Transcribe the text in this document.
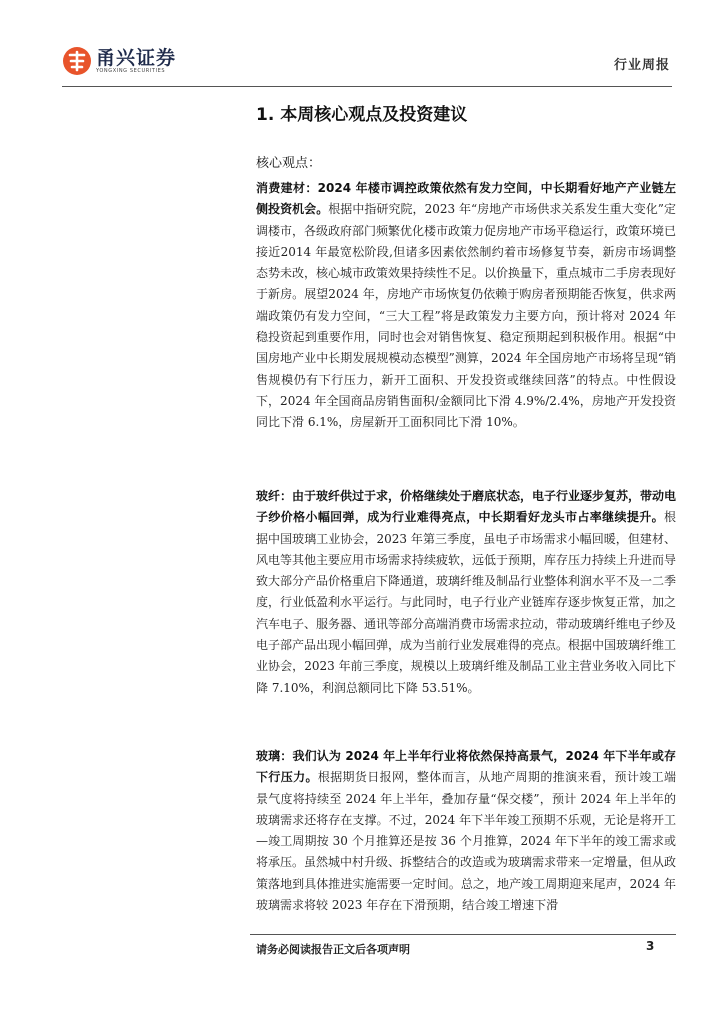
甬兴证券
YONGXING SECURITIES	行业周报
1. 本周核心观点及投资建议
核心观点：

消费建材：2024 年楼市调控政策依然有发力空间，中长期看好地产产业链左侧投资机会。根据中指研究院，2023 年“房地产市场供求关系发生重大变化”定调楼市，各级政府部门频繁优化楼市政策力促房地产市场平稳运行，政策环境已接近2014 年最宽松阶段,但诸多因素依然制约着市场修复节奏，新房市场调整态势未改，核心城市政策效果持续性不足。以价换量下，重点城市二手房表现好于新房。展望2024 年，房地产市场恢复仍依赖于购房者预期能否恢复，供求两端政策仍有发力空间，“三大工程”将是政策发力主要方向，预计将对 2024 年稳投资起到重要作用，同时也会对销售恢复、稳定预期起到积极作用。根据“中国房地产业中长期发展规模动态模型”测算，2024 年全国房地产市场将呈现“销售规模仍有下行压力，新开工面积、开发投资或继续回落”的特点。中性假设下，2024 年全国商品房销售面积/金额同比下滑 4.9%/2.4%，房地产开发投资同比下滑 6.1%，房屋新开工面积同比下滑 10%。

玻纤：由于玻纤供过于求，价格继续处于磨底状态，电子行业逐步复苏，带动电子纱价格小幅回弹，成为行业难得亮点，中长期看好龙头市占率继续提升。根据中国玻璃工业协会，2023 年第三季度，虽电子市场需求小幅回暖，但建材、风电等其他主要应用市场需求持续疲软，远低于预期，库存压力持续上升进而导致大部分产品价格重启下降通道，玻璃纤维及制品行业整体利润水平不及一二季度，行业低盈利水平运行。与此同时，电子行业产业链库存逐步恢复正常，加之汽车电子、服务器、通讯等部分高端消费市场需求拉动，带动玻璃纤维电子纱及电子部产品出现小幅回弹，成为当前行业发展难得的亮点。根据中国玻璃纤维工业协会，2023 年前三季度，规模以上玻璃纤维及制品工业主营业务收入同比下降 7.10%，利润总额同比下降 53.51%。

玻璃：我们认为 2024 年上半年行业将依然保持高景气，2024 年下半年或存下行压力。根据期货日报网，整体而言，从地产周期的推演来看，预计竣工端景气度将持续至 2024 年上半年，叠加存量“保交楼”，预计 2024 年上半年的玻璃需求还将存在支撑。不过，2024 年下半年竣工预期不乐观，无论是将开工—竣工周期按 30 个月推算还是按 36 个月推算，2024 年下半年的竣工需求或将承压。虽然城中村升级、拆整结合的改造或为玻璃需求带来一定增量，但从政策落地到具体推进实施需要一定时间。总之，地产竣工周期迎来尾声，2024 年玻璃需求将较 2023 年存在下滑预期，结合竣工增速下滑

请务必阅读报告正文后各项声明	3
